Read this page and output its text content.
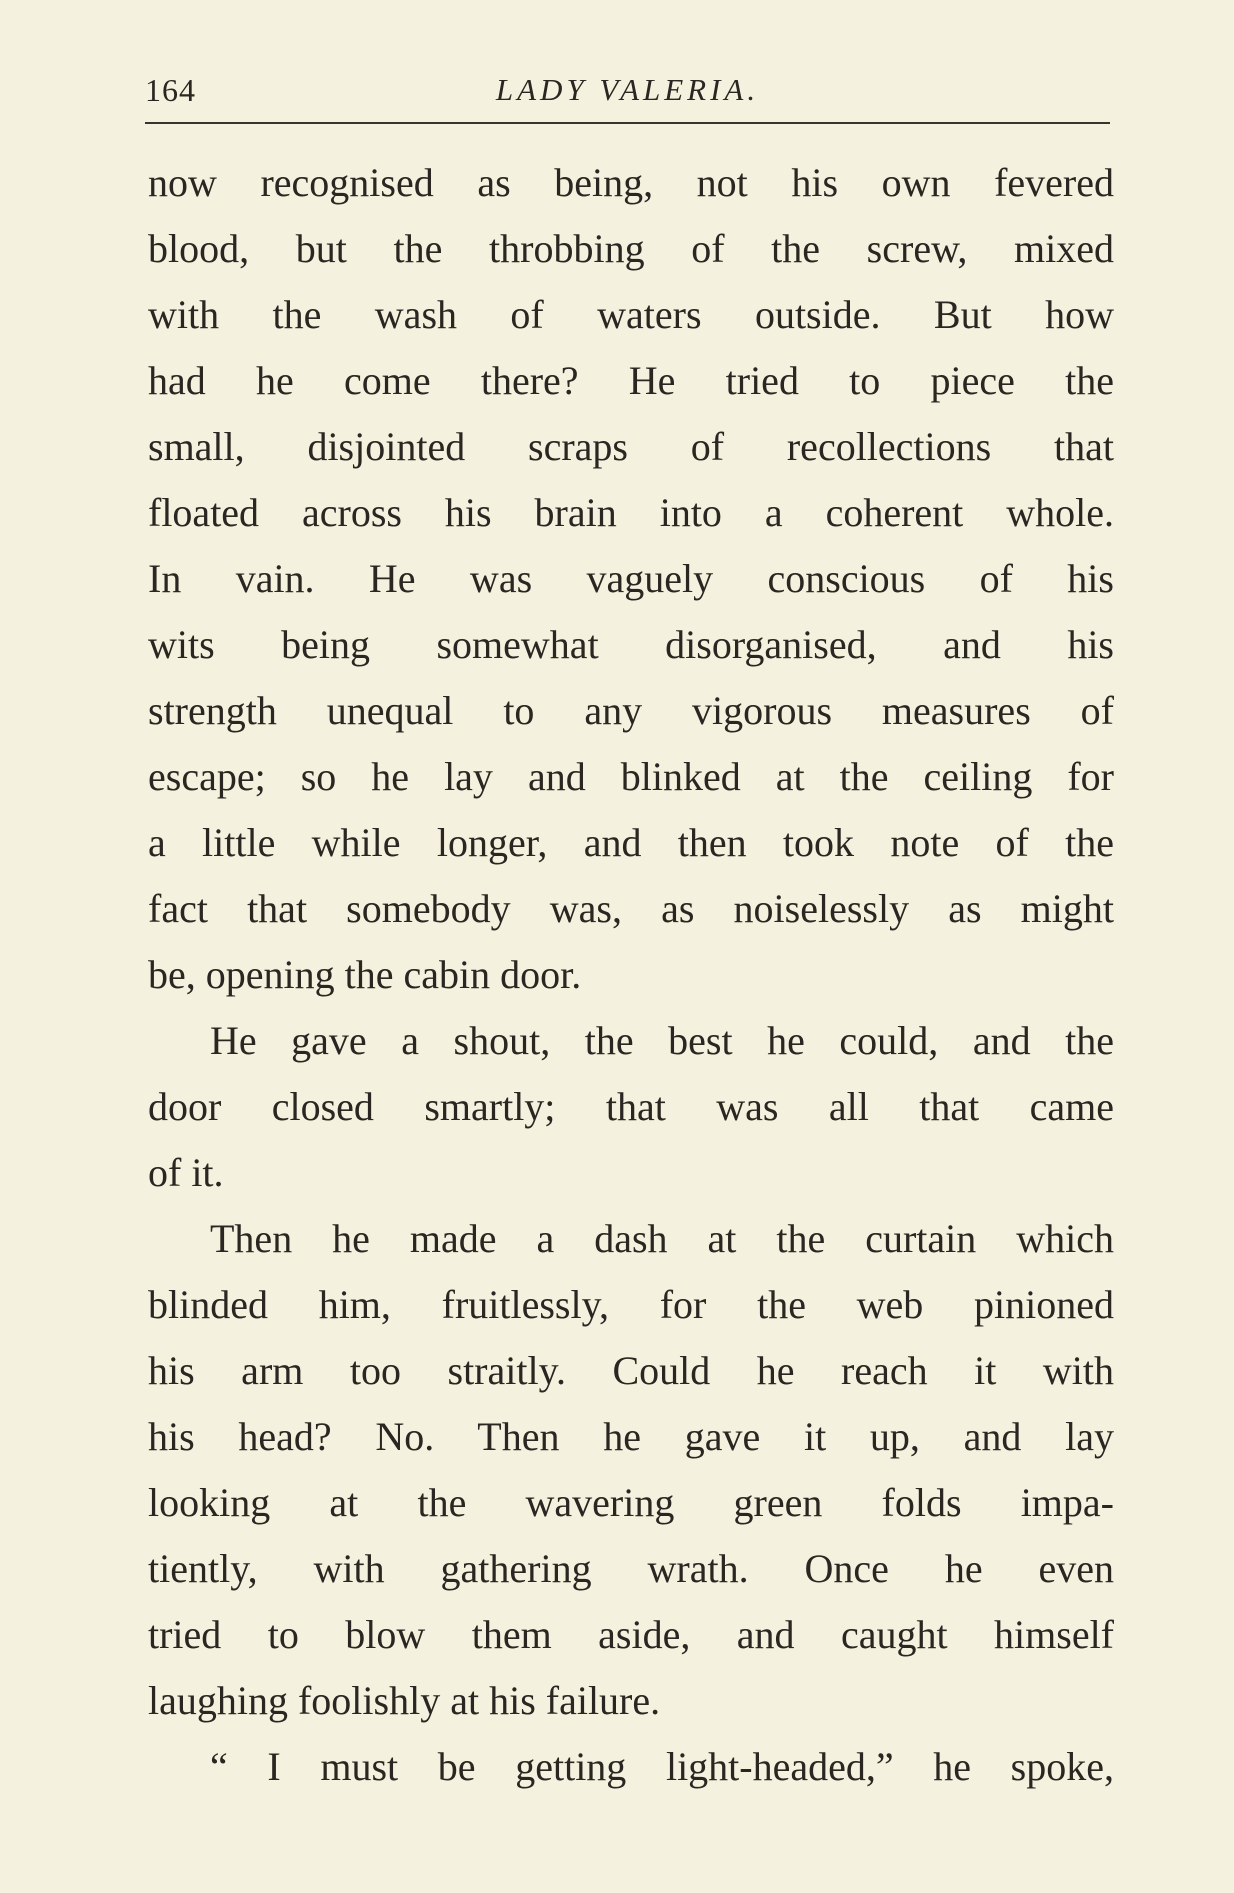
164	LADY VALERIA.
now recognised as being, not his own fevered
blood, but the throbbing of the screw, mixed
with the wash of waters outside. But how
had he come there? He tried to piece the
small, disjointed scraps of recollections that
floated across his brain into a coherent whole.
In vain. He was vaguely conscious of his
wits being somewhat disorganised, and his
strength unequal to any vigorous measures of
escape; so he lay and blinked at the ceiling for
a little while longer, and then took note of the
fact that somebody was, as noiselessly as might
be, opening the cabin door.
He gave a shout, the best he could, and the
door closed smartly; that was all that came
of it.
Then he made a dash at the curtain which
blinded him, fruitlessly, for the web pinioned
his arm too straitly. Could he reach it with
his head? No. Then he gave it up, and lay
looking at the wavering green folds impa-
tiently, with gathering wrath. Once he even
tried to blow them aside, and caught himself
laughing foolishly at his failure.
“ I must be getting light-headed,” he spoke,
